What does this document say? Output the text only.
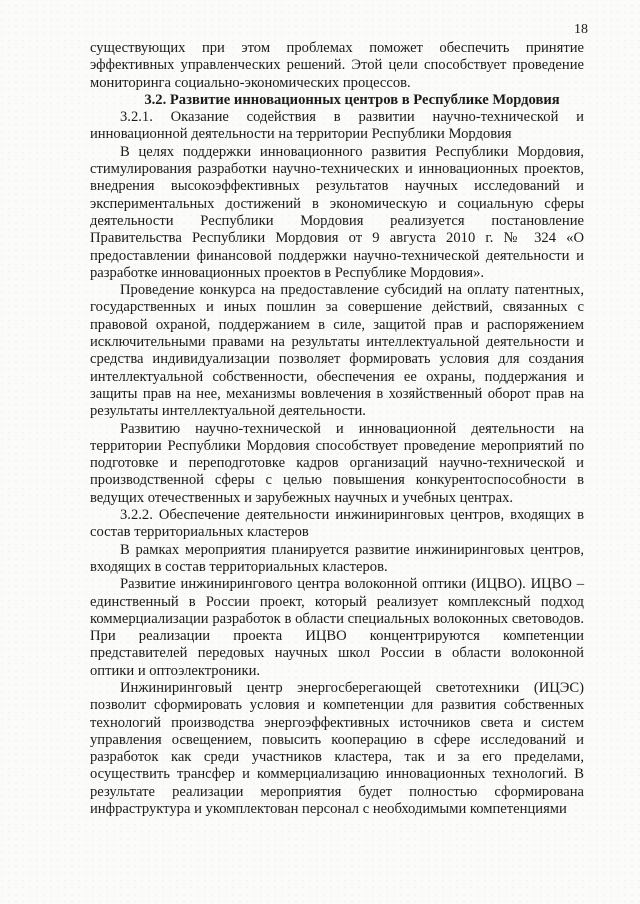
18

существующих при этом проблемах поможет обеспечить принятие эффективных управленческих решений. Этой цели способствует проведение мониторинга социально-экономических процессов.

3.2. Развитие инновационных центров в Республике Мордовия

3.2.1. Оказание содействия в развитии научно-технической и инновационной деятельности на территории Республики Мордовия

В целях поддержки инновационного развития Республики Мордовия, стимулирования разработки научно-технических и инновационных проектов, внедрения высокоэффективных результатов научных исследований и экспериментальных достижений в экономическую и социальную сферы деятельности Республики Мордовия реализуется постановление Правительства Республики Мордовия от 9 августа 2010 г. № 324 «О предоставлении финансовой поддержки научно-технической деятельности и разработке инновационных проектов в Республике Мордовия».

Проведение конкурса на предоставление субсидий на оплату патентных, государственных и иных пошлин за совершение действий, связанных с правовой охраной, поддержанием в силе, защитой прав и распоряжением исключительными правами на результаты интеллектуальной деятельности и средства индивидуализации позволяет формировать условия для создания интеллектуальной собственности, обеспечения ее охраны, поддержания и защиты прав на нее, механизмы вовлечения в хозяйственный оборот прав на результаты интеллектуальной деятельности.

Развитию научно-технической и инновационной деятельности на территории Республики Мордовия способствует проведение мероприятий по подготовке и переподготовке кадров организаций научно-технической и производственной сферы с целью повышения конкурентоспособности в ведущих отечественных и зарубежных научных и учебных центрах.

3.2.2. Обеспечение деятельности инжиниринговых центров, входящих в состав территориальных кластеров

В рамках мероприятия планируется развитие инжиниринговых центров, входящих в состав территориальных кластеров.

Развитие инжинирингового центра волоконной оптики (ИЦВО). ИЦВО – единственный в России проект, который реализует комплексный подход коммерциализации разработок в области специальных волоконных световодов. При реализации проекта ИЦВО концентрируются компетенции представителей передовых научных школ России в области волоконной оптики и оптоэлектроники.

Инжиниринговый центр энергосберегающей светотехники (ИЦЭС) позволит сформировать условия и компетенции для развития собственных технологий производства энергоэффективных источников света и систем управления освещением, повысить кооперацию в сфере исследований и разработок как среди участников кластера, так и за его пределами, осуществить трансфер и коммерциализацию инновационных технологий. В результате реализации мероприятия будет полностью сформирована инфраструктура и укомплектован персонал с необходимыми компетенциями
